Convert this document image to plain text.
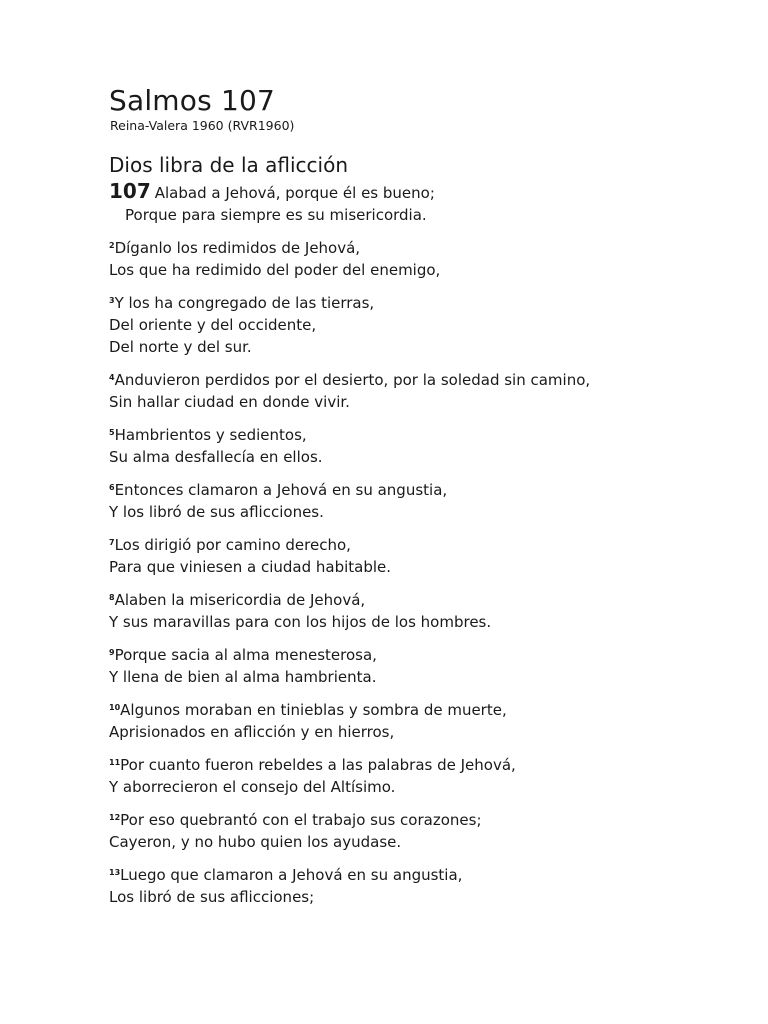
Salmos 107
Reina-Valera 1960 (RVR1960)
Dios libra de la aflicción
107 Alabad a Jehová, porque él es bueno;
Porque para siempre es su misericordia.
$^2$Díganlo los redimidos de Jehová,
Los que ha redimido del poder del enemigo,
$^3$Y los ha congregado de las tierras,
Del oriente y del occidente,
Del norte y del sur.
$^4$Anduvieron perdidos por el desierto, por la soledad sin camino,
Sin hallar ciudad en donde vivir.
$^5$Hambrientos y sedientos,
Su alma desfallecía en ellos.
$^6$Entonces clamaron a Jehová en su angustia,
Y los libró de sus aflicciones.
$^7$Los dirigió por camino derecho,
Para que viniesen a ciudad habitable.
$^8$Alaben la misericordia de Jehová,
Y sus maravillas para con los hijos de los hombres.
$^9$Porque sacia al alma menesterosa,
Y llena de bien al alma hambrienta.
$^{10}$Algunos moraban en tinieblas y sombra de muerte,
Aprisionados en aflicción y en hierros,
$^{11}$Por cuanto fueron rebeldes a las palabras de Jehová,
Y aborrecieron el consejo del Altísimo.
$^{12}$Por eso quebrantó con el trabajo sus corazones;
Cayeron, y no hubo quien los ayudase.
$^{13}$Luego que clamaron a Jehová en su angustia,
Los libró de sus aflicciones;
